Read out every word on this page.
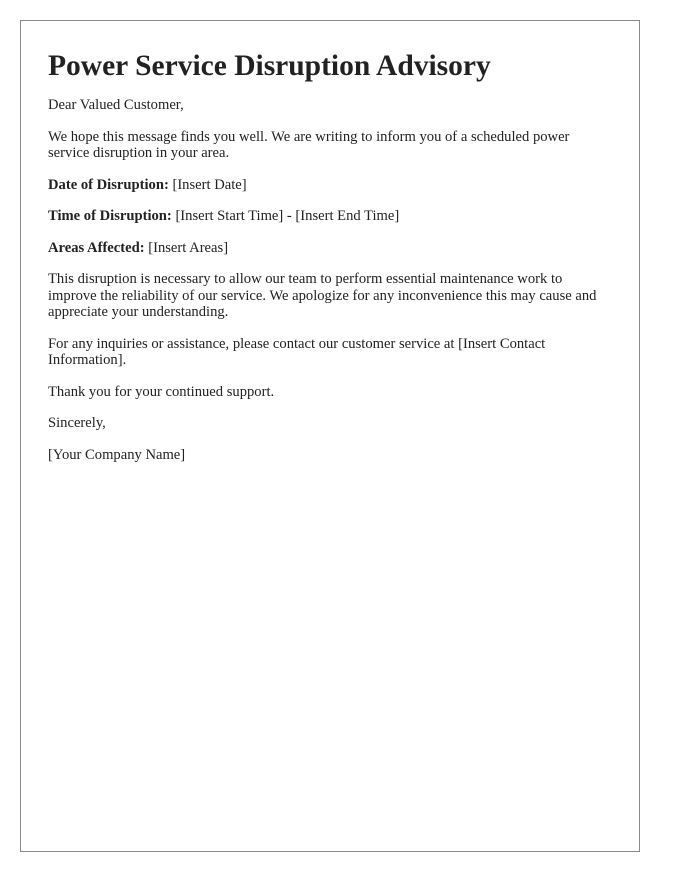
Power Service Disruption Advisory

Dear Valued Customer,

We hope this message finds you well. We are writing to inform you of a scheduled power service disruption in your area.

Date of Disruption: [Insert Date]

Time of Disruption: [Insert Start Time] - [Insert End Time]

Areas Affected: [Insert Areas]

This disruption is necessary to allow our team to perform essential maintenance work to improve the reliability of our service. We apologize for any inconvenience this may cause and appreciate your understanding.

For any inquiries or assistance, please contact our customer service at [Insert Contact Information].

Thank you for your continued support.

Sincerely,

[Your Company Name]
